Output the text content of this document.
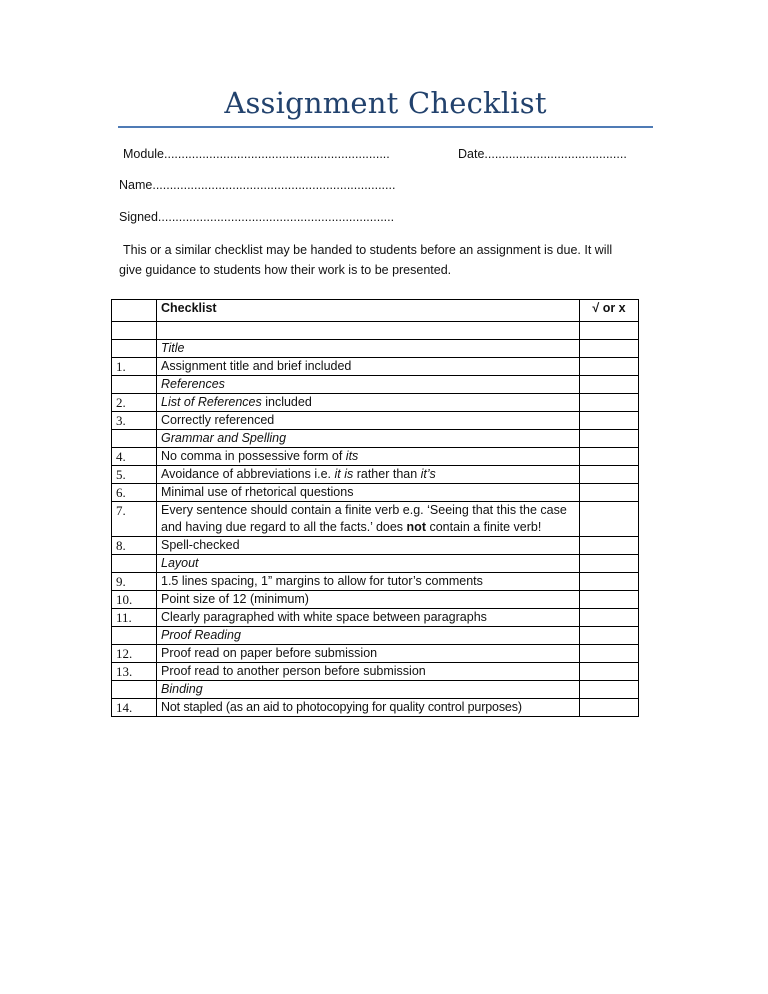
Assignment Checklist
Module.................................................................	Date.........................................
Name......................................................................
Signed....................................................................
This or a similar checklist may be handed to students before an assignment is due. It will
give guidance to students how their work is to be presented.
	Checklist	√ or x

	Title	
1.	Assignment title and brief included	
	References	
2.	List of References included	
3.	Correctly referenced	
	Grammar and Spelling	
4.	No comma in possessive form of its	
5.	Avoidance of abbreviations i.e. it is rather than it’s	
6.	Minimal use of rhetorical questions	
7.	Every sentence should contain a finite verb e.g. ‘Seeing that this the case and having due regard to all the facts.’ does not contain a finite verb!	
8.	Spell-checked	
	Layout	
9.	1.5 lines spacing, 1” margins to allow for tutor’s comments	
10.	Point size of 12 (minimum)	
11.	Clearly paragraphed with white space between paragraphs	
	Proof Reading	
12.	Proof read on paper before submission	
13.	Proof read to another person before submission	
	Binding	
14.	Not stapled (as an aid to photocopying for quality control purposes)	
